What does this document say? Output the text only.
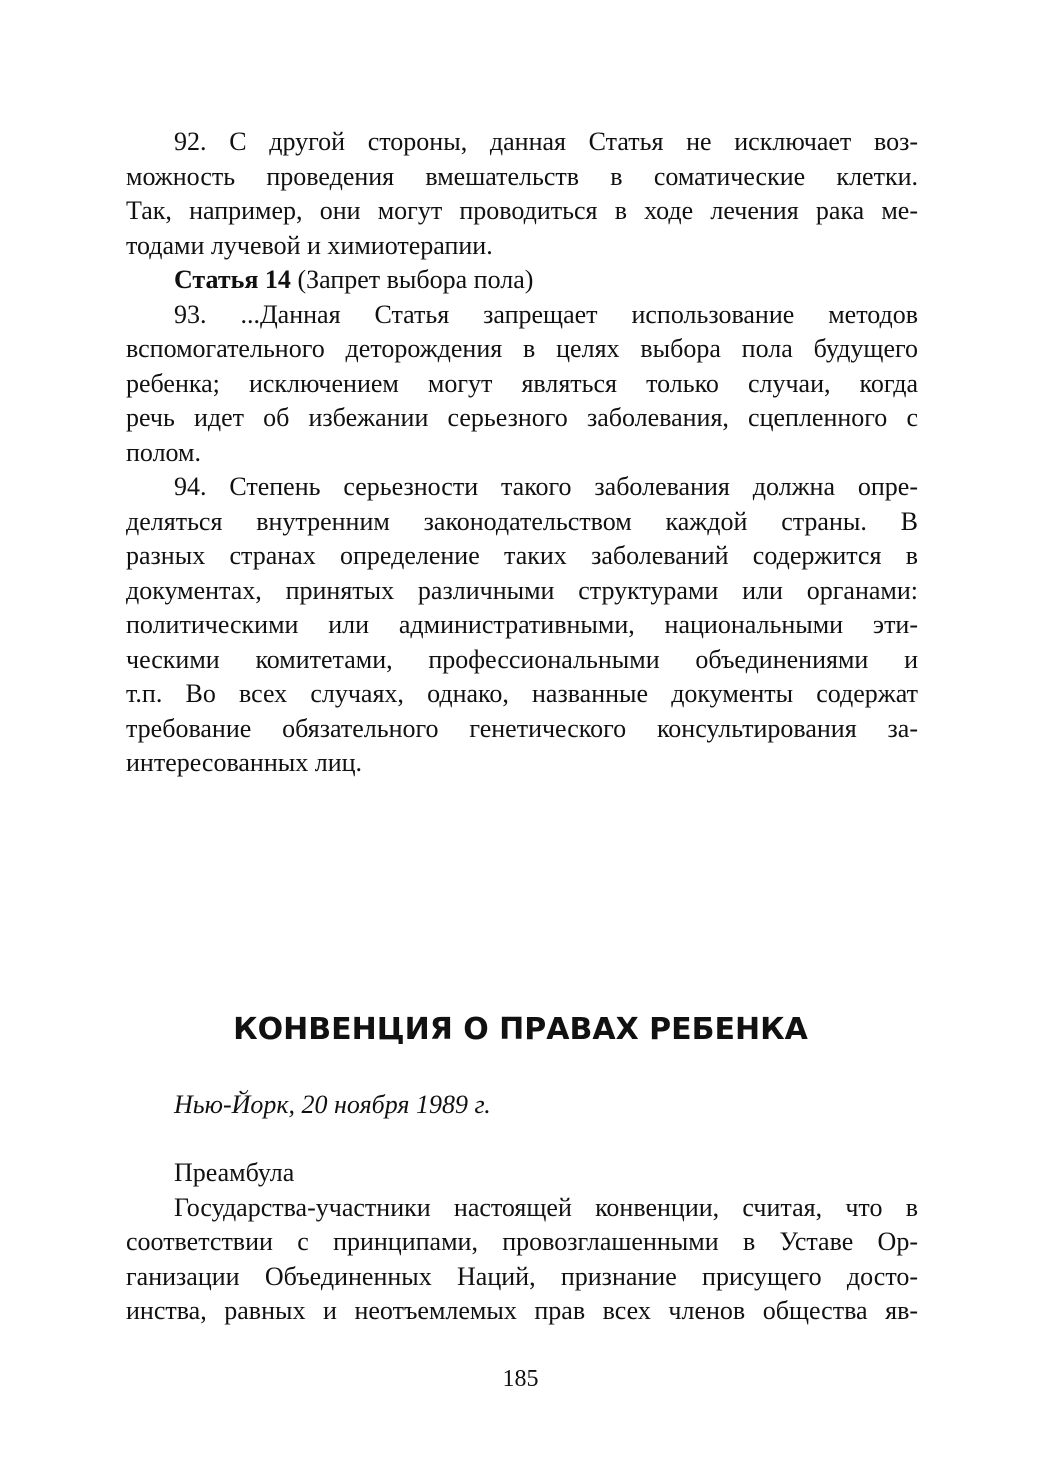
92. С другой стороны, данная Статья не исключает воз-
можность проведения вмешательств в соматические клетки.
Так, например, они могут проводиться в ходе лечения рака ме-
тодами лучевой и химиотерапии.
Статья 14 (Запрет выбора пола)
93. ...Данная Статья запрещает использование методов
вспомогательного деторождения в целях выбора пола будущего
ребенка; исключением могут являться только случаи, когда
речь идет об избежании серьезного заболевания, сцепленного с
полом.
94. Степень серьезности такого заболевания должна опре-
деляться внутренним законодательством каждой страны. В
разных странах определение таких заболеваний содержится в
документах, принятых различными структурами или органами:
политическими или административными, национальными эти-
ческими комитетами, профессиональными объединениями и
т.п. Во всех случаях, однако, названные документы содержат
требование обязательного генетического консультирования за-
интересованных лиц.
КОНВЕНЦИЯ О ПРАВАХ РЕБЕНКА
Нью-Йорк, 20 ноября 1989 г.
Преамбула
Государства-участники настоящей конвенции, считая, что в
соответствии с принципами, провозглашенными в Уставе Ор-
ганизации Объединенных Наций, признание присущего досто-
инства, равных и неотъемлемых прав всех членов общества яв-
185
